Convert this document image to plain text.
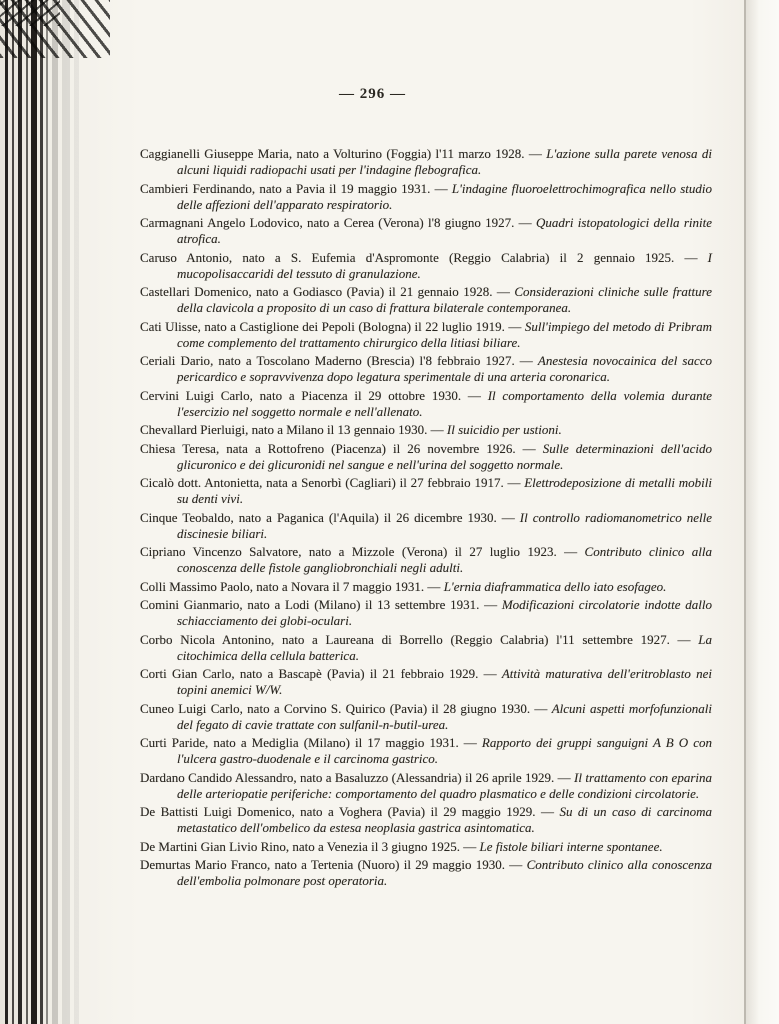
— 296 —

Caggianelli Giuseppe Maria, nato a Volturino (Foggia) l'11 marzo 1928. — L'azione sulla parete venosa di alcuni liquidi radiopachi usati per l'indagine flebografica.

Cambieri Ferdinando, nato a Pavia il 19 maggio 1931. — L'indagine fluoroelettrochimografica nello studio delle affezioni dell'apparato respiratorio.

Carmagnani Angelo Lodovico, nato a Cerea (Verona) l'8 giugno 1927. — Quadri istopatologici della rinite atrofica.

Caruso Antonio, nato a S. Eufemia d'Aspromonte (Reggio Calabria) il 2 gennaio 1925. — I mucopolisaccaridi del tessuto di granulazione.

Castellari Domenico, nato a Godiasco (Pavia) il 21 gennaio 1928. — Considerazioni cliniche sulle fratture della clavicola a proposito di un caso di frattura bilaterale contemporanea.

Cati Ulisse, nato a Castiglione dei Pepoli (Bologna) il 22 luglio 1919. — Sull'impiego del metodo di Pribram come complemento del trattamento chirurgico della litiasi biliare.

Ceriali Dario, nato a Toscolano Maderno (Brescia) l'8 febbraio 1927. — Anestesia novocainica del sacco pericardico e sopravvivenza dopo legatura sperimentale di una arteria coronarica.

Cervini Luigi Carlo, nato a Piacenza il 29 ottobre 1930. — Il comportamento della volemia durante l'esercizio nel soggetto normale e nell'allenato.

Chevallard Pierluigi, nato a Milano il 13 gennaio 1930. — Il suicidio per ustioni.

Chiesa Teresa, nata a Rottofreno (Piacenza) il 26 novembre 1926. — Sulle determinazioni dell'acido glicuronico e dei glicuronidi nel sangue e nell'urina del soggetto normale.

Cicalò dott. Antonietta, nata a Senorbì (Cagliari) il 27 febbraio 1917. — Elettrodeposizione di metalli mobili su denti vivi.

Cinque Teobaldo, nato a Paganica (l'Aquila) il 26 dicembre 1930. — Il controllo radiomanometrico nelle discinesie biliari.

Cipriano Vincenzo Salvatore, nato a Mizzole (Verona) il 27 luglio 1923. — Contributo clinico alla conoscenza delle fistole gangliobronchiali negli adulti.

Colli Massimo Paolo, nato a Novara il 7 maggio 1931. — L'ernia diaframmatica dello iato esofageo.

Comini Gianmario, nato a Lodi (Milano) il 13 settembre 1931. — Modificazioni circolatorie indotte dallo schiacciamento dei globi-oculari.

Corbo Nicola Antonino, nato a Laureana di Borrello (Reggio Calabria) l'11 settembre 1927. — La citochimica della cellula batterica.

Corti Gian Carlo, nato a Bascapè (Pavia) il 21 febbraio 1929. — Attività maturativa dell'eritroblasto nei topini anemici W/W.

Cuneo Luigi Carlo, nato a Corvino S. Quirico (Pavia) il 28 giugno 1930. — Alcuni aspetti morfofunzionali del fegato di cavie trattate con sulfanil-n-butil-urea.

Curti Paride, nato a Mediglia (Milano) il 17 maggio 1931. — Rapporto dei gruppi sanguigni A B O con l'ulcera gastro-duodenale e il carcinoma gastrico.

Dardano Candido Alessandro, nato a Basaluzzo (Alessandria) il 26 aprile 1929. — Il trattamento con eparina delle arteriopatie periferiche: comportamento del quadro plasmatico e delle condizioni circolatorie.

De Battisti Luigi Domenico, nato a Voghera (Pavia) il 29 maggio 1929. — Su di un caso di carcinoma metastatico dell'ombelico da estesa neoplasia gastrica asintomatica.

De Martini Gian Livio Rino, nato a Venezia il 3 giugno 1925. — Le fistole biliari interne spontanee.

Demurtas Mario Franco, nato a Tertenia (Nuoro) il 29 maggio 1930. — Contributo clinico alla conoscenza dell'embolia polmonare post operatoria.
